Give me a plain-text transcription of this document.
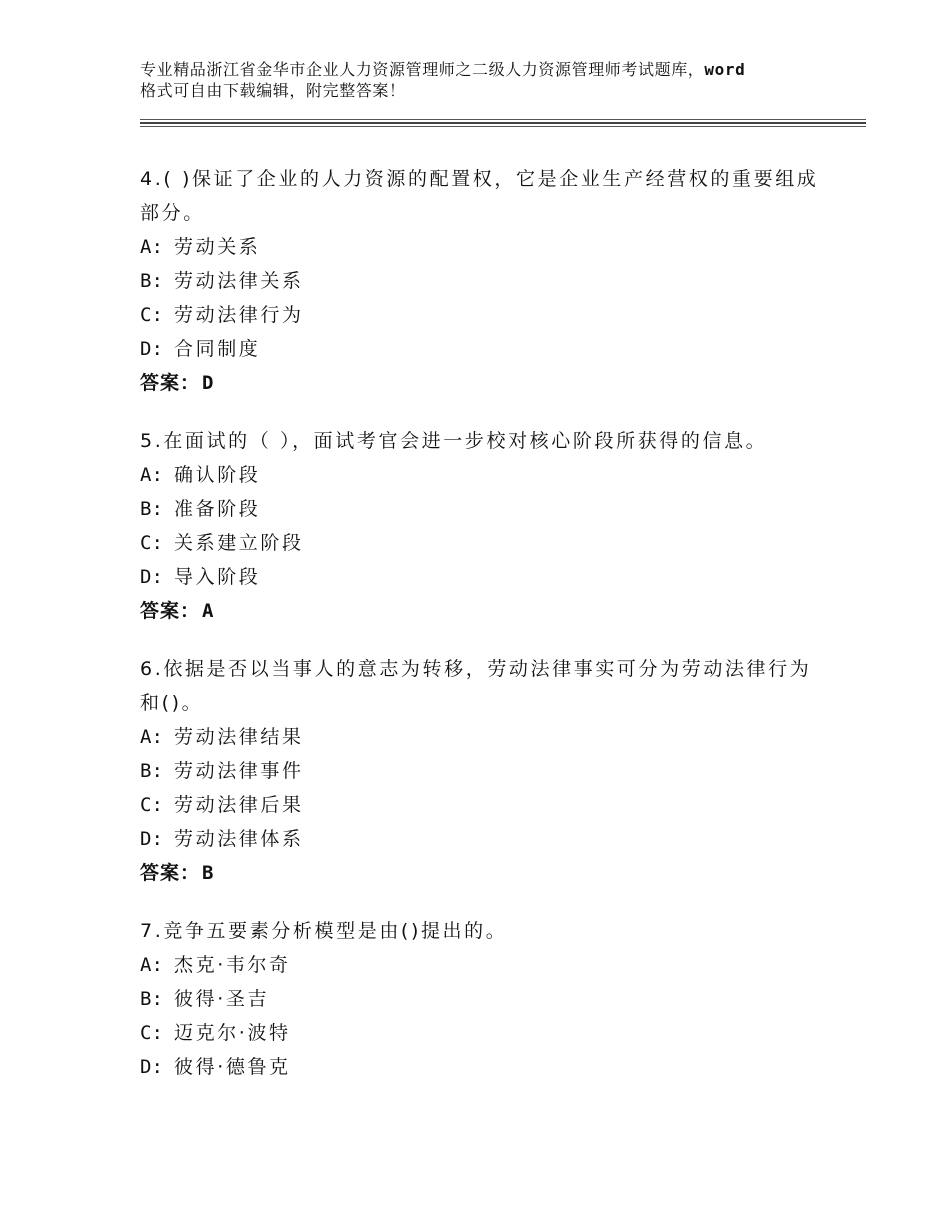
专业精品浙江省金华市企业人力资源管理师之二级人力资源管理师考试题库，word
格式可自由下载编辑，附完整答案！

4.( )保证了企业的人力资源的配置权，它是企业生产经营权的重要组成部分。

A: 劳动关系
B: 劳动法律关系
C: 劳动法律行为
D: 合同制度
答案： D

5.在面试的（ ），面试考官会进一步校对核心阶段所获得的信息。

A: 确认阶段
B: 准备阶段
C: 关系建立阶段
D: 导入阶段
答案： A

6.依据是否以当事人的意志为转移，劳动法律事实可分为劳动法律行为和()。

A: 劳动法律结果
B: 劳动法律事件
C: 劳动法律后果
D: 劳动法律体系
答案： B

7.竞争五要素分析模型是由()提出的。

A: 杰克·韦尔奇
B: 彼得·圣吉
C: 迈克尔·波特
D: 彼得·德鲁克
